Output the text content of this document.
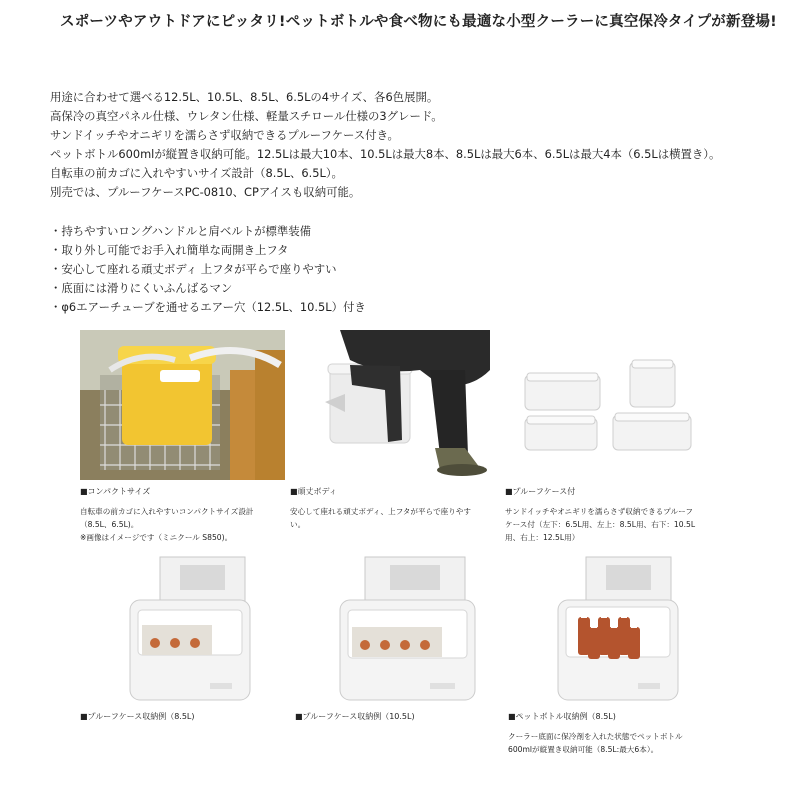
スポーツやアウトドアにピッタリ!ペットボトルや食べ物にも最適な小型クーラーに真空保冷タイプが新登場!
用途に合わせて選べる12.5L、10.5L、8.5L、6.5Lの4サイズ、各6色展開。
高保冷の真空パネル仕様、ウレタン仕様、軽量スチロール仕様の3グレード。
サンドイッチやオニギリを濡らさず収納できるプルーフケース付き。
ペットボトル600mlが縦置き収納可能。12.5Lは最大10本、10.5Lは最大8本、8.5Lは最大6本、6.5Lは最大4本（6.5Lは横置き）。
自転車の前カゴに入れやすいサイズ設計（8.5L、6.5L）。
別売では、プルーフケースPC-0810、CPアイスも収納可能。
・持ちやすいロングハンドルと肩ベルトが標準装備
・取り外し可能でお手入れ簡単な両開き上フタ
・安心して座れる頑丈ボディ 上フタが平らで座りやすい
・底面には滑りにくいふんばるマン
・φ6エアーチューブを通せるエアー穴（12.5L、10.5L）付き
■コンパクトサイズ
自転車の前カゴに入れやすいコンパクトサイズ設計
（8.5L、6.5L)。
※画像はイメージです（ミニクール S850)。
■頑丈ボディ
安心して座れる頑丈ボディ、上フタが平らで座りやす
い。
■プルーフケース付
サンドイッチやオニギリを濡らさず収納できるプルーフ
ケース付（左下：6.5L用、左上：8.5L用、右下：10.5L
用、右上：12.5L用）
■プルーフケース収納例（8.5L)	■プルーフケース収納例（10.5L)	■ペットボトル収納例（8.5L)
クーラー底面に保冷剤を入れた状態でペットボトル
600mlが縦置き収納可能（8.5L:最大6本）。
